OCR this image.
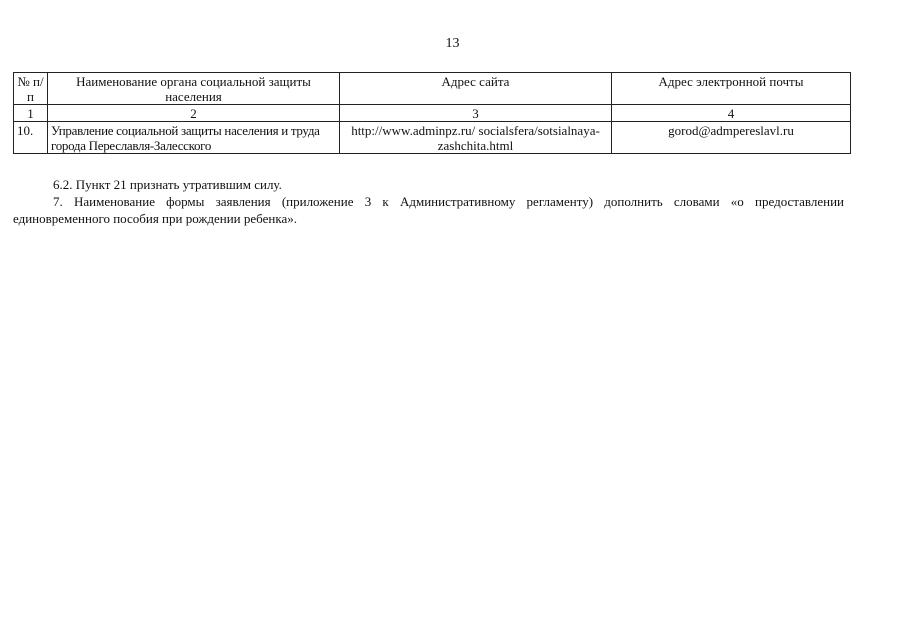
13
№ п/п	Наименование органа социальной защиты населения	Адрес сайта	Адрес электронной почты
1	2	3	4
10.	Управление социальной защиты населения и труда города Переславля-Залесского	http://www.adminpz.ru/ socialsfera/sotsialnaya-zashchita.html	gorod@admpereslavl.ru
6.2. Пункт 21 признать утратившим силу.
7. Наименование формы заявления (приложение 3 к Административному регламенту) дополнить словами «о предоставлении единовременного пособия при рождении ребенка».
